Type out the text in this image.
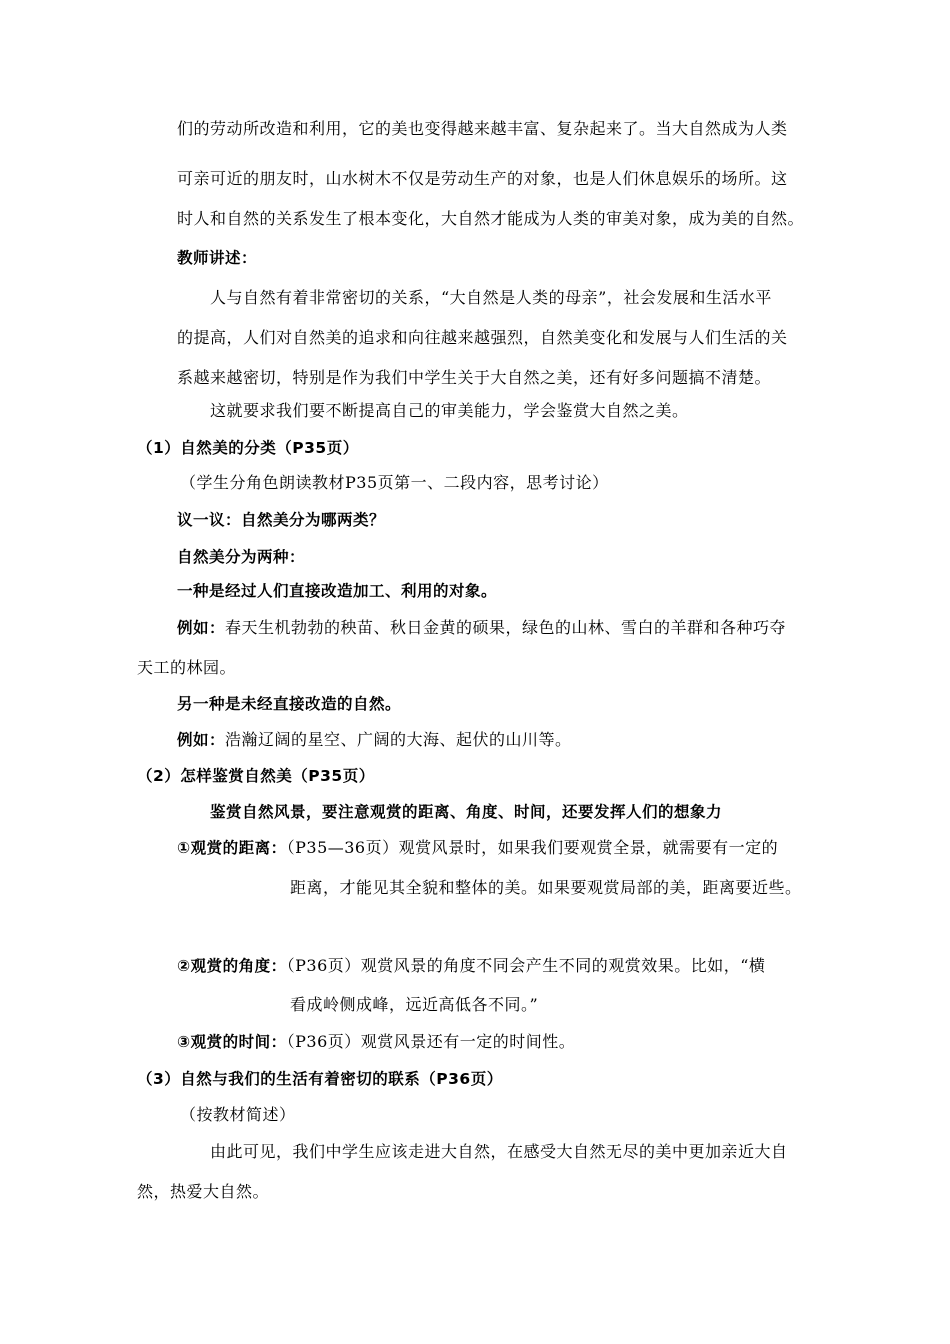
们的劳动所改造和利用，它的美也变得越来越丰富、复杂起来了。当大自然成为人类
可亲可近的朋友时，山水树木不仅是劳动生产的对象，也是人们休息娱乐的场所。这
时人和自然的关系发生了根本变化，大自然才能成为人类的审美对象，成为美的自然。
教师讲述：
人与自然有着非常密切的关系，“大自然是人类的母亲”，社会发展和生活水平
的提高，人们对自然美的追求和向往越来越强烈，自然美变化和发展与人们生活的关
系越来越密切，特别是作为我们中学生关于大自然之美，还有好多问题搞不清楚。
这就要求我们要不断提高自己的审美能力，学会鉴赏大自然之美。
（1）自然美的分类（P35页）
（学生分角色朗读教材P35页第一、二段内容，思考讨论）
议一议：自然美分为哪两类？
自然美分为两种：
一种是经过人们直接改造加工、利用的对象。
例如：春天生机勃勃的秧苗、秋日金黄的硕果，绿色的山林、雪白的羊群和各种巧夺
天工的林园。
另一种是未经直接改造的自然。
例如：浩瀚辽阔的星空、广阔的大海、起伏的山川等。
（2）怎样鉴赏自然美（P35页）
鉴赏自然风景，要注意观赏的距离、角度、时间，还要发挥人们的想象力
①观赏的距离：（P35—36页）观赏风景时，如果我们要观赏全景，就需要有一定的
距离，才能见其全貌和整体的美。如果要观赏局部的美，距离要近些。
②观赏的角度：（P36页）观赏风景的角度不同会产生不同的观赏效果。比如，“横
看成岭侧成峰，远近高低各不同。”
③观赏的时间：（P36页）观赏风景还有一定的时间性。
（3）自然与我们的生活有着密切的联系（P36页）
（按教材简述）
由此可见，我们中学生应该走进大自然，在感受大自然无尽的美中更加亲近大自
然，热爱大自然。
